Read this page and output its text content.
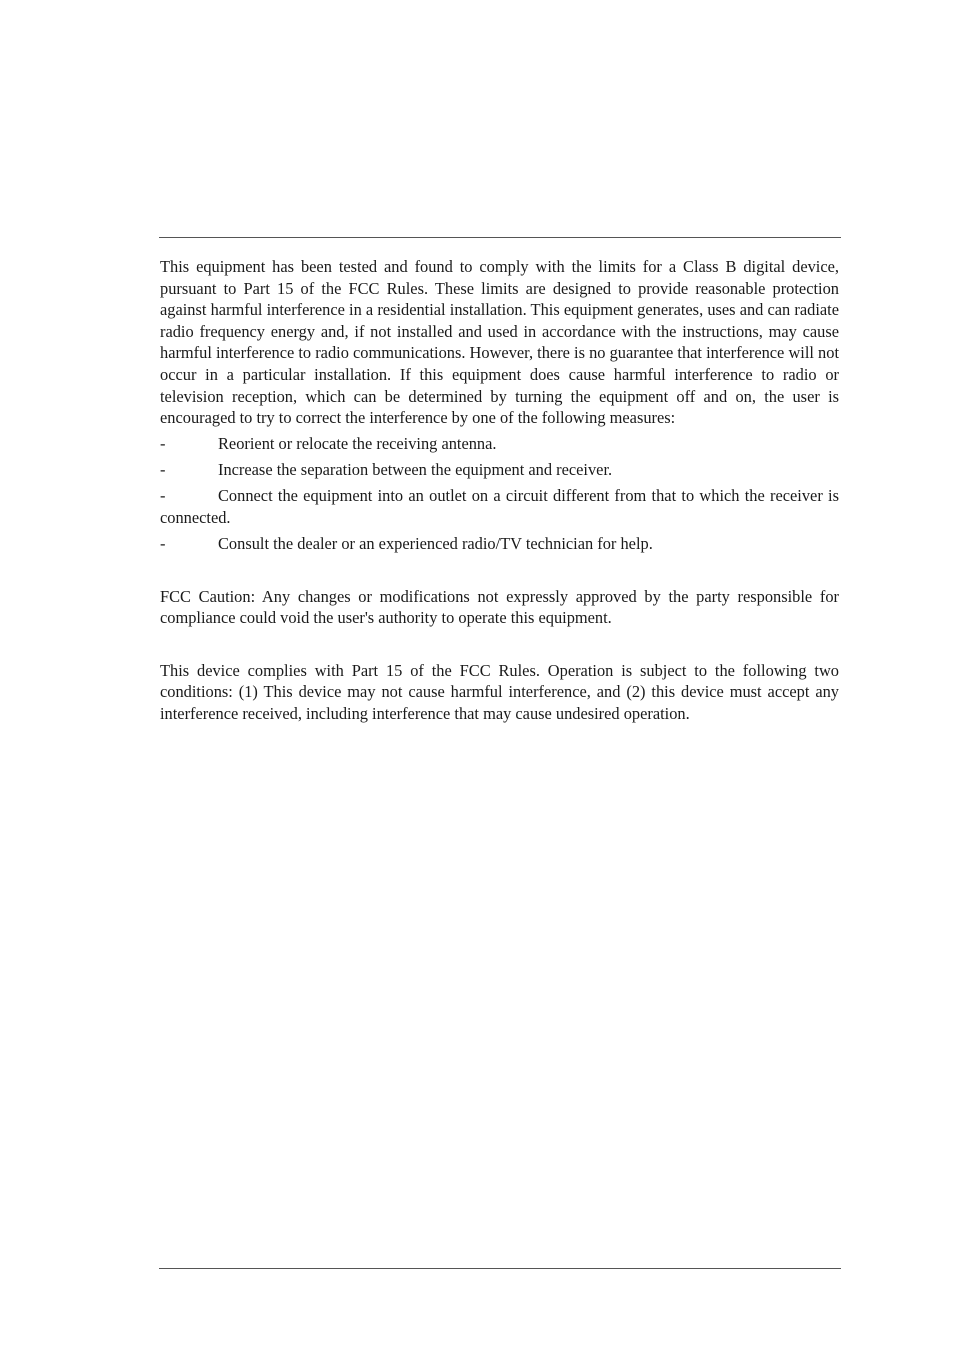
This equipment has been tested and found to comply with the limits for a Class B digital device, pursuant to Part 15 of the FCC Rules. These limits are designed to provide reasonable protection against harmful interference in a residential installation. This equipment generates, uses and can radiate radio frequency energy and, if not installed and used in accordance with the instructions, may cause harmful interference to radio communications. However, there is no guarantee that interference will not occur in a particular installation. If this equipment does cause harmful interference to radio or television reception, which can be determined by turning the equipment off and on, the user is encouraged to try to correct the interference by one of the following measures:

-	Reorient or relocate the receiving antenna.
-	Increase the separation between the equipment and receiver.
-	Connect the equipment into an outlet on a circuit different from that to which the receiver is connected.
-	Consult the dealer or an experienced radio/TV technician for help.

FCC Caution: Any changes or modifications not expressly approved by the party responsible for compliance could void the user's authority to operate this equipment.

This device complies with Part 15 of the FCC Rules. Operation is subject to the following two conditions: (1) This device may not cause harmful interference, and (2) this device must accept any interference received, including interference that may cause undesired operation.
